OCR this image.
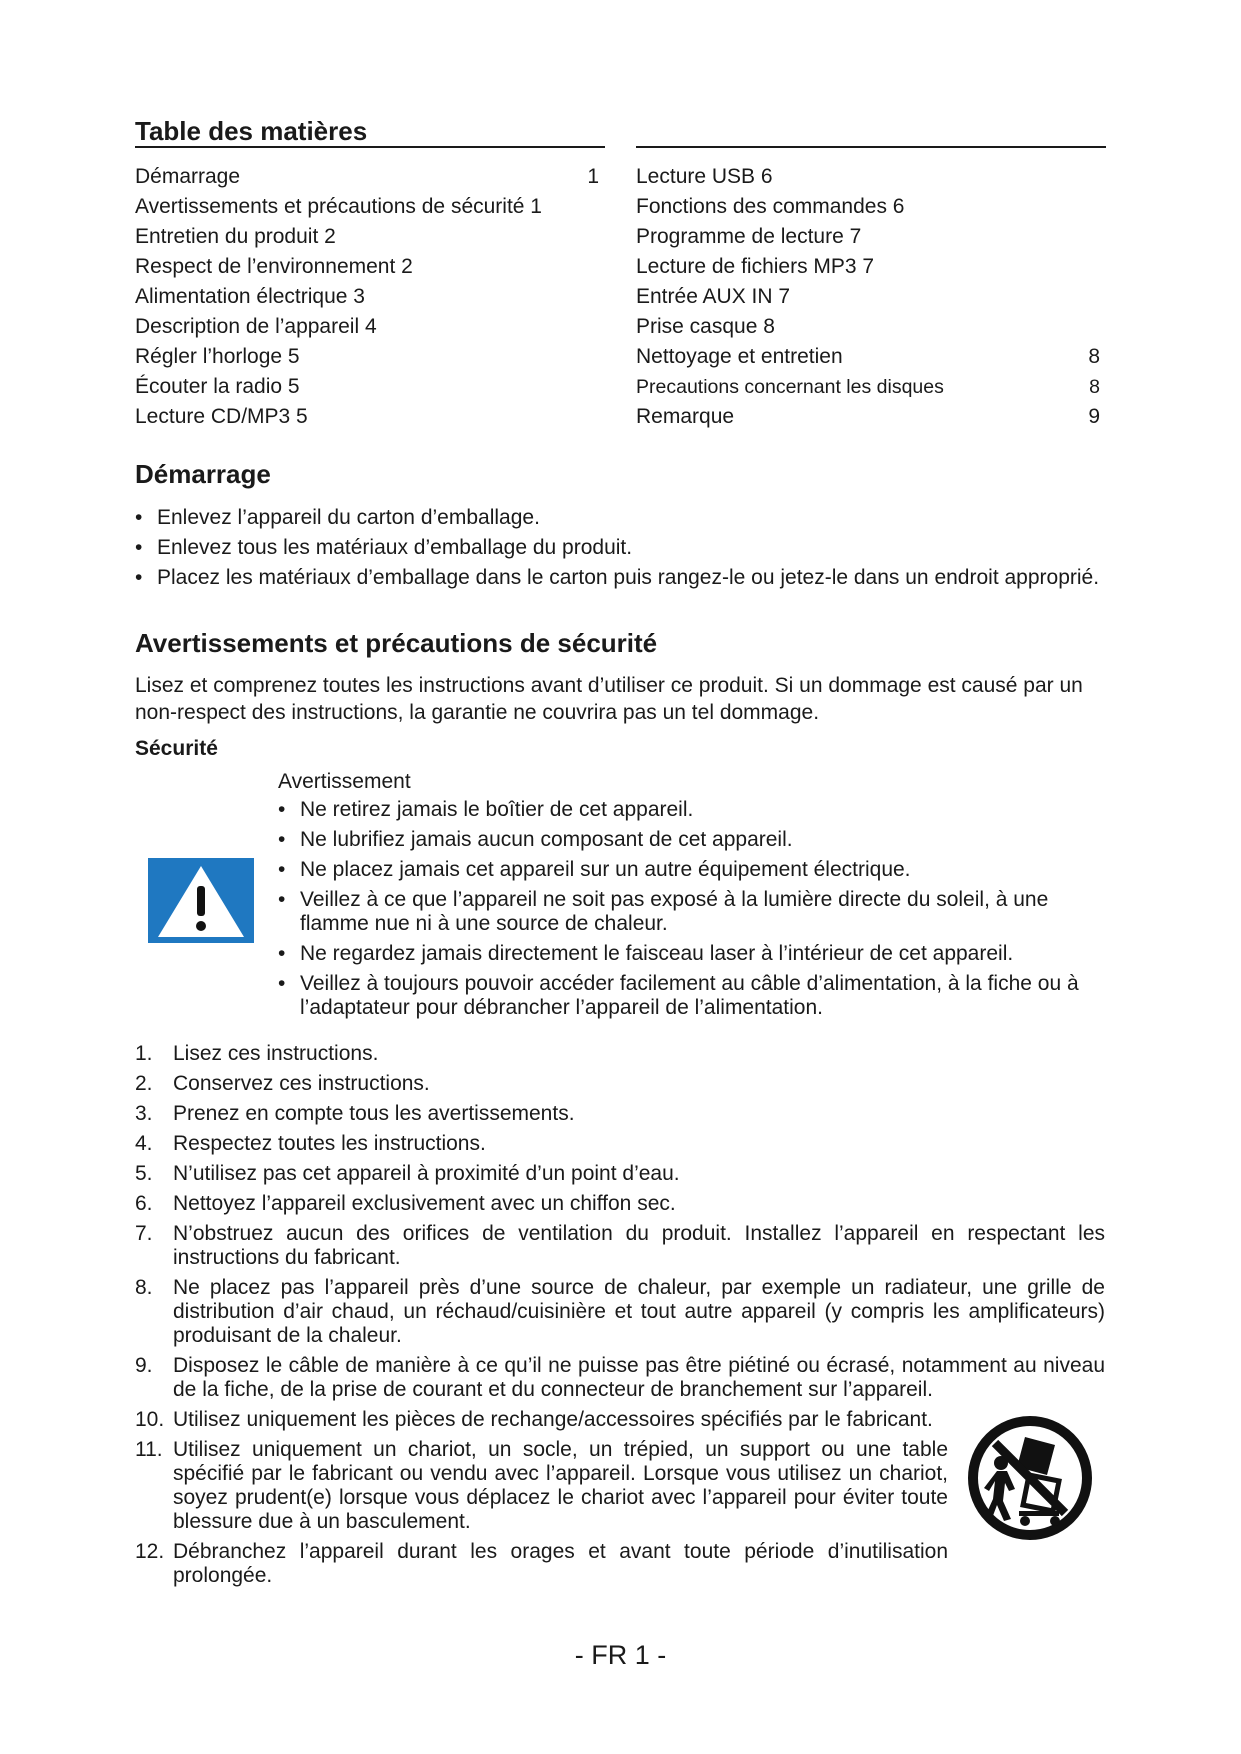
Table des matières
Démarrage	1
Avertissements et précautions de sécurité 1
Entretien du produit 2
Respect de l’environnement 2
Alimentation électrique 3
Description de l’appareil 4
Régler l’horloge 5
Écouter la radio 5
Lecture CD/MP3 5
Lecture USB 6
Fonctions des commandes 6
Programme de lecture 7
Lecture de fichiers MP3 7
Entrée AUX IN 7
Prise casque 8
Nettoyage et entretien	8
Precautions concernant les disques	8
Remarque	9
Démarrage
• Enlevez l’appareil du carton d’emballage.
• Enlevez tous les matériaux d’emballage du produit.
• Placez les matériaux d’emballage dans le carton puis rangez-le ou jetez-le dans un endroit approprié.
Avertissements et précautions de sécurité

Lisez et comprenez toutes les instructions avant d’utiliser ce produit. Si un dommage est causé par un non-respect des instructions, la garantie ne couvrira pas un tel dommage.

Sécurité

Avertissement

• Ne retirez jamais le boîtier de cet appareil.
• Ne lubrifiez jamais aucun composant de cet appareil.
• Ne placez jamais cet appareil sur un autre équipement électrique.
• Veillez à ce que l’appareil ne soit pas exposé à la lumière directe du soleil, à une flamme nue ni à une source de chaleur.
• Ne regardez jamais directement le faisceau laser à l’intérieur de cet appareil.
• Veillez à toujours pouvoir accéder facilement au câble d’alimentation, à la fiche ou à l’adaptateur pour débrancher l’appareil de l’alimentation.
1. Lisez ces instructions.
2. Conservez ces instructions.
3. Prenez en compte tous les avertissements.
4. Respectez toutes les instructions.
5. N’utilisez pas cet appareil à proximité d’un point d’eau.
6. Nettoyez l’appareil exclusivement avec un chiffon sec.
7. N’obstruez aucun des orifices de ventilation du produit. Installez l’appareil en respectant les instructions du fabricant.
8. Ne placez pas l’appareil près d’une source de chaleur, par exemple un radiateur, une grille de distribution d’air chaud, un réchaud/cuisinière et tout autre appareil (y compris les amplificateurs) produisant de la chaleur.
9. Disposez le câble de manière à ce qu’il ne puisse pas être piétiné ou écrasé, notamment au niveau de la fiche, de la prise de courant et du connecteur de branchement sur l’appareil.
10. Utilisez uniquement les pièces de rechange/accessoires spécifiés par le fabricant.
11. Utilisez uniquement un chariot, un socle, un trépied, un support ou une table spécifié par le fabricant ou vendu avec l’appareil. Lorsque vous utilisez un chariot, soyez prudent(e) lorsque vous déplacez le chariot avec l’appareil pour éviter toute blessure due à un basculement.
12. Débranchez l’appareil durant les orages et avant toute période d’inutilisation prolongée.
- FR 1 -
